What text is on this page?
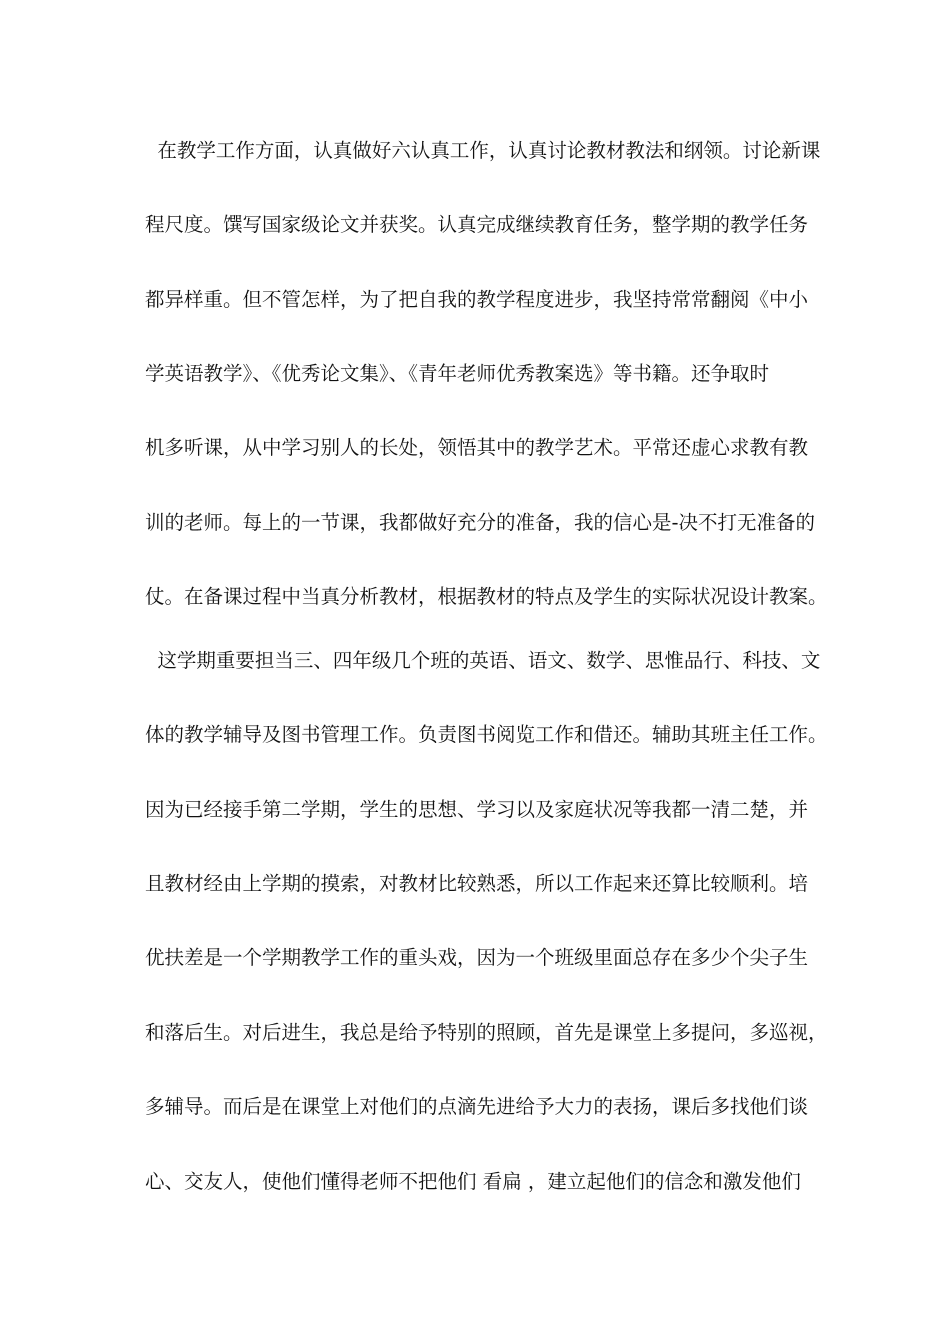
在教学工作方面，认真做好六认真工作，认真讨论教材教法和纲领。讨论新课
程尺度。馔写国家级论文并获奖。认真完成继续教育任务，整学期的教学任务
都异样重。但不管怎样，为了把自我的教学程度进步，我坚持常常翻阅《中小
学英语教学》、《优秀论文集》、《青年老师优秀教案选》等书籍。还争取时
机多听课，从中学习别人的长处，领悟其中的教学艺术。平常还虚心求教有教
训的老师。每上的一节课，我都做好充分的准备，我的信心是-决不打无准备的
仗。在备课过程中当真分析教材，根据教材的特点及学生的实际状况设计教案。
这学期重要担当三、四年级几个班的英语、语文、数学、思惟品行、科技、文
体的教学辅导及图书管理工作。负责图书阅览工作和借还。辅助其班主任工作。
因为已经接手第二学期，学生的思想、学习以及家庭状况等我都一清二楚，并
且教材经由上学期的摸索，对教材比较熟悉，所以工作起来还算比较顺利。培
优扶差是一个学期教学工作的重头戏，因为一个班级里面总存在多少个尖子生
和落后生。对后进生，我总是给予特别的照顾，首先是课堂上多提问，多巡视，
多辅导。而后是在课堂上对他们的点滴先进给予大力的表扬，课后多找他们谈
心、交友人，使他们懂得老师不把他们 看扁 ，建立起他们的信念和激发他们
